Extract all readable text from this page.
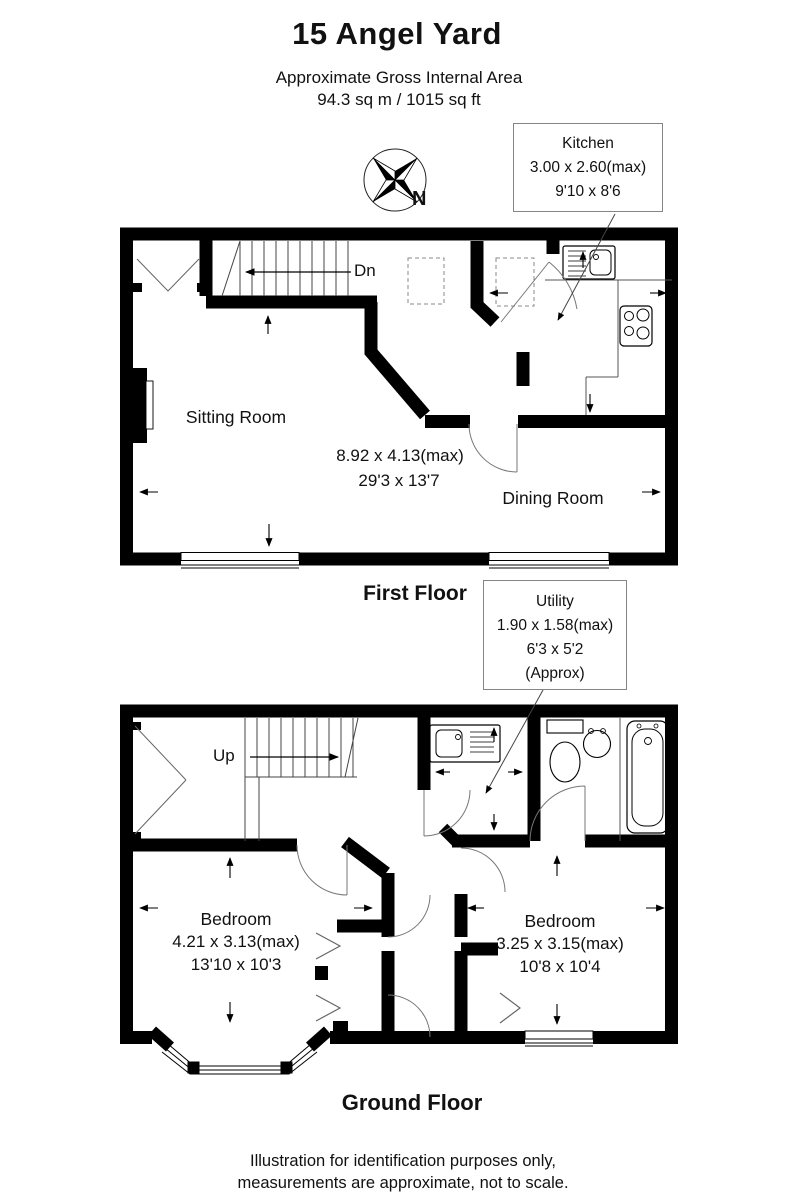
15 Angel Yard
Approximate Gross Internal Area
94.3 sq m / 1015 sq ft
N
Kitchen
3.00 x 2.60(max)
9'10 x 8'6
Dn
Sitting Room
8.92 x 4.13(max)
29'3 x 13'7
Dining Room
First Floor	Utility
1.90 x 1.58(max)
6'3 x 5'2
(Approx)
Up
Bedroom
4.21 x 3.13(max)
13'10 x 10'3
Bedroom
3.25 x 3.15(max)
10'8 x 10'4
Ground Floor
Illustration for identification purposes only,
measurements are approximate, not to scale.
